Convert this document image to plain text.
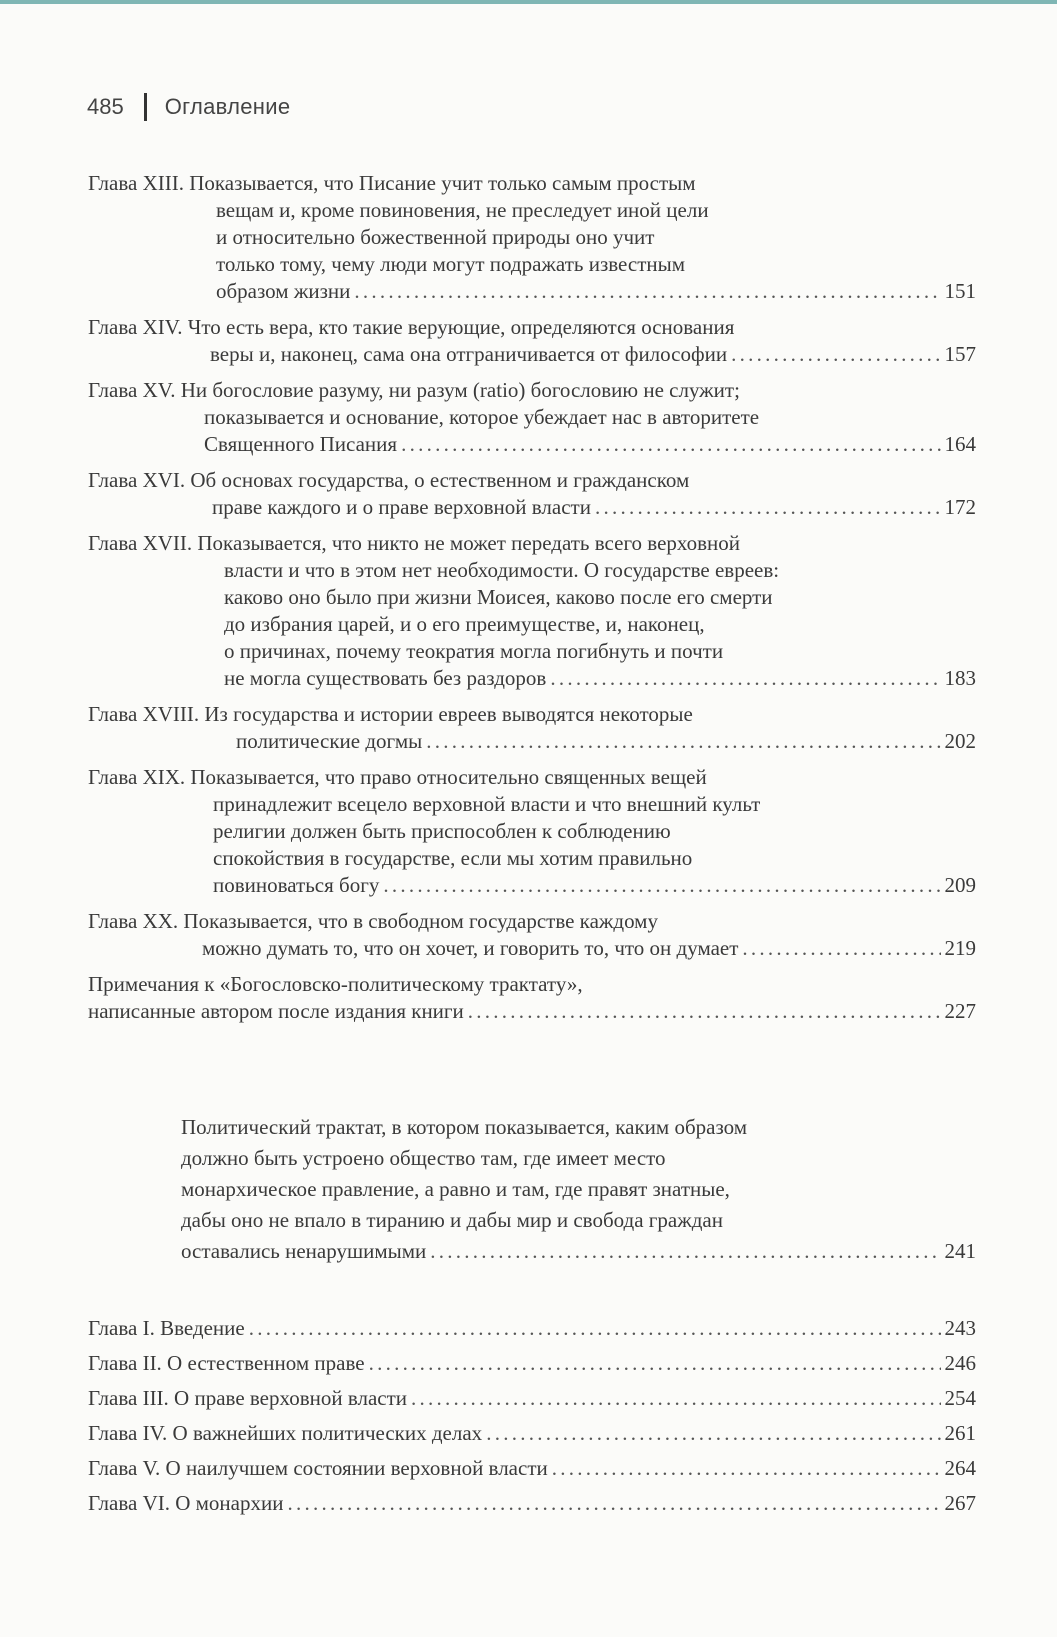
485 Оглавление
Глава XIII. Показывается, что Писание учит только самым простым
вещам и, кроме повиновения, не преследует иной цели
и относительно божественной природы оно учит
только тому, чему люди могут подражать известным
образом жизни . . .	151
Глава XIV. Что есть вера, кто такие верующие, определяются основания
веры и, наконец, сама она отграничивается от философии . . .	157
Глава XV. Ни богословие разуму, ни разум (ratio) богословию не служит;
показывается и основание, которое убеждает нас в авторитете
Священного Писания . . .	164
Глава XVI. Об основах государства, о естественном и гражданском
праве каждого и о праве верховной власти . . .	172
Глава XVII. Показывается, что никто не может передать всего верховной
власти и что в этом нет необходимости. О государстве евреев:
каково оно было при жизни Моисея, каково после его смерти
до избрания царей, и о его преимуществе, и, наконец,
о причинах, почему теократия могла погибнуть и почти
не могла существовать без раздоров . . .	183
Глава XVIII. Из государства и истории евреев выводятся некоторые
политические догмы . . .	202
Глава XIX. Показывается, что право относительно священных вещей
принадлежит всецело верховной власти и что внешний культ
религии должен быть приспособлен к соблюдению
спокойствия в государстве, если мы хотим правильно
повиноваться богу . . .	209
Глава XX. Показывается, что в свободном государстве каждому
можно думать то, что он хочет, и говорить то, что он думает . . .	219
Примечания к «Богословско-политическому трактату»,
написанные автором после издания книги . . .	227
Политический трактат, в котором показывается, каким образом
должно быть устроено общество там, где имеет место
монархическое правление, а равно и там, где правят знатные,
дабы оно не впало в тиранию и дабы мир и свобода граждан
оставались ненарушимыми . . .	241
Глава I. Введение . . .	243
Глава II. О естественном праве . . .	246
Глава III. О праве верховной власти . . .	254
Глава IV. О важнейших политических делах . . .	261
Глава V. О наилучшем состоянии верховной власти . . .	264
Глава VI. О монархии . . .	267
